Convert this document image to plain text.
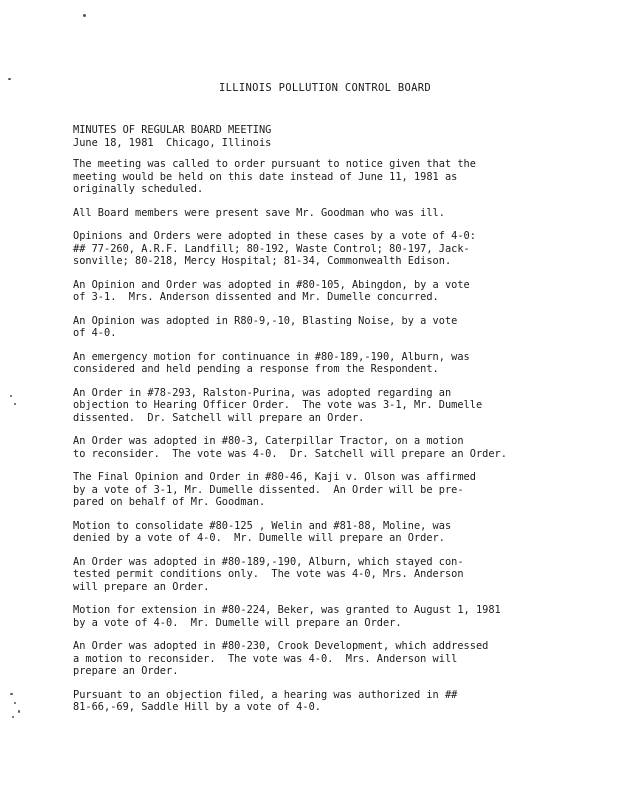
ILLINOIS POLLUTION CONTROL BOARD
MINUTES OF REGULAR BOARD MEETING
June 18, 1981  Chicago, Illinois
The meeting was called to order pursuant to notice given that the
meeting would be held on this date instead of June 11, 1981 as
originally scheduled.
All Board members were present save Mr. Goodman who was ill.
Opinions and Orders were adopted in these cases by a vote of 4-0:
## 77-260, A.R.F. Landfill; 80-192, Waste Control; 80-197, Jack-
sonville; 80-218, Mercy Hospital; 81-34, Commonwealth Edison.
An Opinion and Order was adopted in #80-105, Abingdon, by a vote
of 3-1.  Mrs. Anderson dissented and Mr. Dumelle concurred.
An Opinion was adopted in R80-9,-10, Blasting Noise, by a vote
of 4-0.
An emergency motion for continuance in #80-189,-190, Alburn, was
considered and held pending a response from the Respondent.
An Order in #78-293, Ralston-Purina, was adopted regarding an
objection to Hearing Officer Order.  The vote was 3-1, Mr. Dumelle
dissented.  Dr. Satchell will prepare an Order.
An Order was adopted in #80-3, Caterpillar Tractor, on a motion
to reconsider.  The vote was 4-0.  Dr. Satchell will prepare an Order.
The Final Opinion and Order in #80-46, Kaji v. Olson was affirmed
by a vote of 3-1, Mr. Dumelle dissented.  An Order will be pre-
pared on behalf of Mr. Goodman.
Motion to consolidate #80-125 , Welin and #81-88, Moline, was
denied by a vote of 4-0.  Mr. Dumelle will prepare an Order.
An Order was adopted in #80-189,-190, Alburn, which stayed con-
tested permit conditions only.  The vote was 4-0, Mrs. Anderson
will prepare an Order.
Motion for extension in #80-224, Beker, was granted to August 1, 1981
by a vote of 4-0.  Mr. Dumelle will prepare an Order.
An Order was adopted in #80-230, Crook Development, which addressed
a motion to reconsider.  The vote was 4-0.  Mrs. Anderson will
prepare an Order.
Pursuant to an objection filed, a hearing was authorized in ##
81-66,-69, Saddle Hill by a vote of 4-0.
